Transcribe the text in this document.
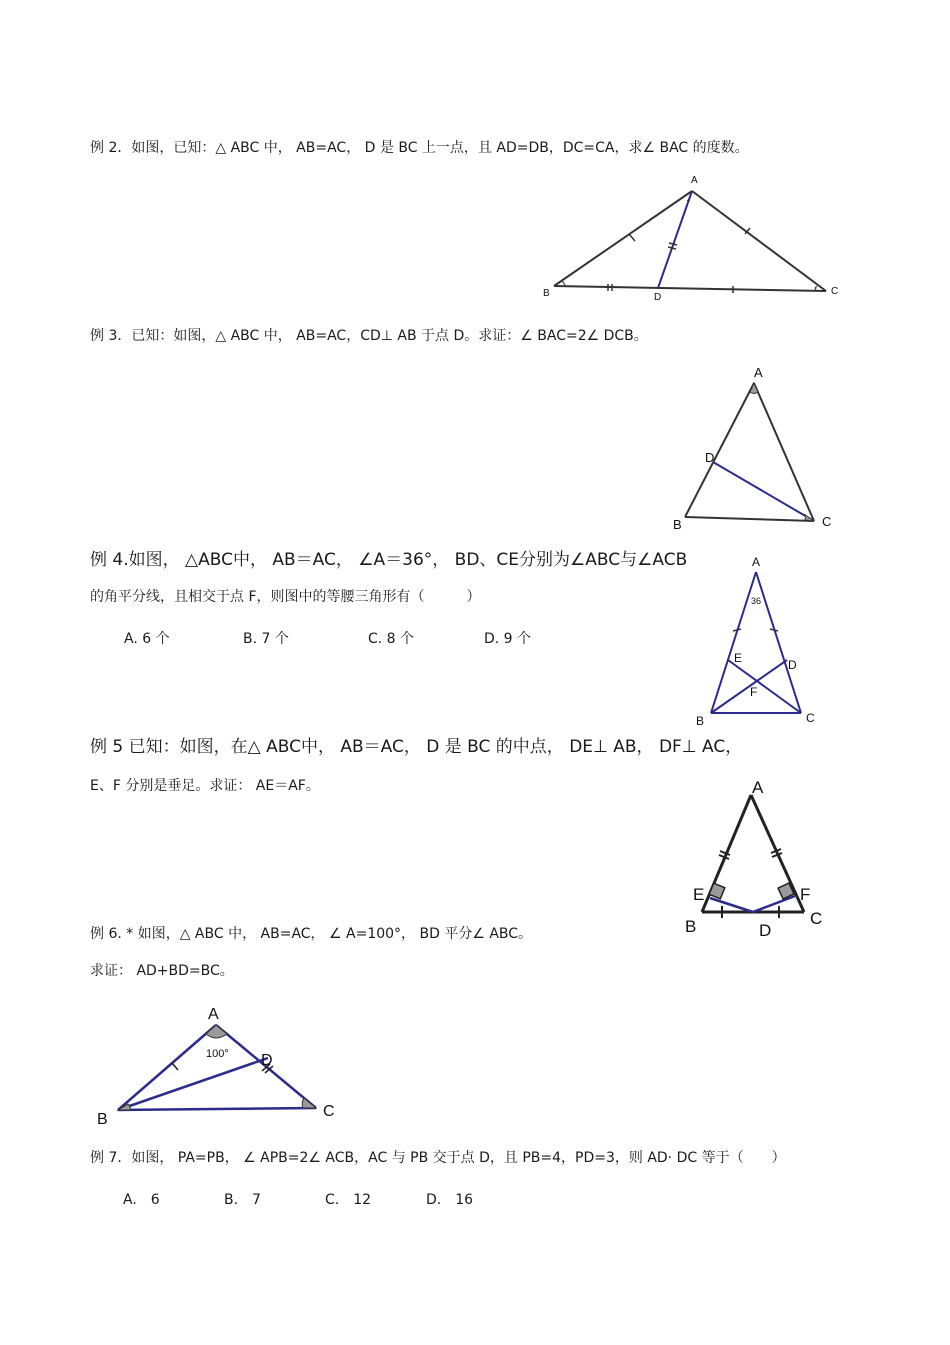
例 2．如图，已知：△ ABC 中， AB=AC， D 是 BC 上一点，且 AD=DB，DC=CA，求∠ BAC 的度数。
A
B	C
D
例 3．已知：如图，△ ABC 中， AB=AC，CD⊥ AB 于点 D。求证：∠ BAC=2∠ DCB。
A
D
B	C
例 4.如图， △ABC中， AB＝AC， ∠A＝36°， BD、CE分别为∠ABC与∠ACB
的角平分线，且相交于点 F，则图中的等腰三角形有（　　　）
A. 6 个	B. 7 个	C. 8 个	D. 9 个
A
36
E	D
F
B	C
例 5 已知：如图，在△ ABC中， AB＝AC， D 是 BC 的中点， DE⊥ AB， DF⊥ AC，
E、F 分别是垂足。求证： AE＝AF。	A
E	F
B	C
D
例 6. * 如图，△ ABC 中， AB=AC， ∠ A=100°， BD 平分∠ ABC。
求证： AD+BD=BC。
A
100° D
B	C
例 7．如图， PA=PB， ∠ APB=2∠ ACB，AC 与 PB 交于点 D，且 PB=4，PD=3，则 AD· DC 等于（　　）
A.　6	B.　7	C.　12	D.　16
